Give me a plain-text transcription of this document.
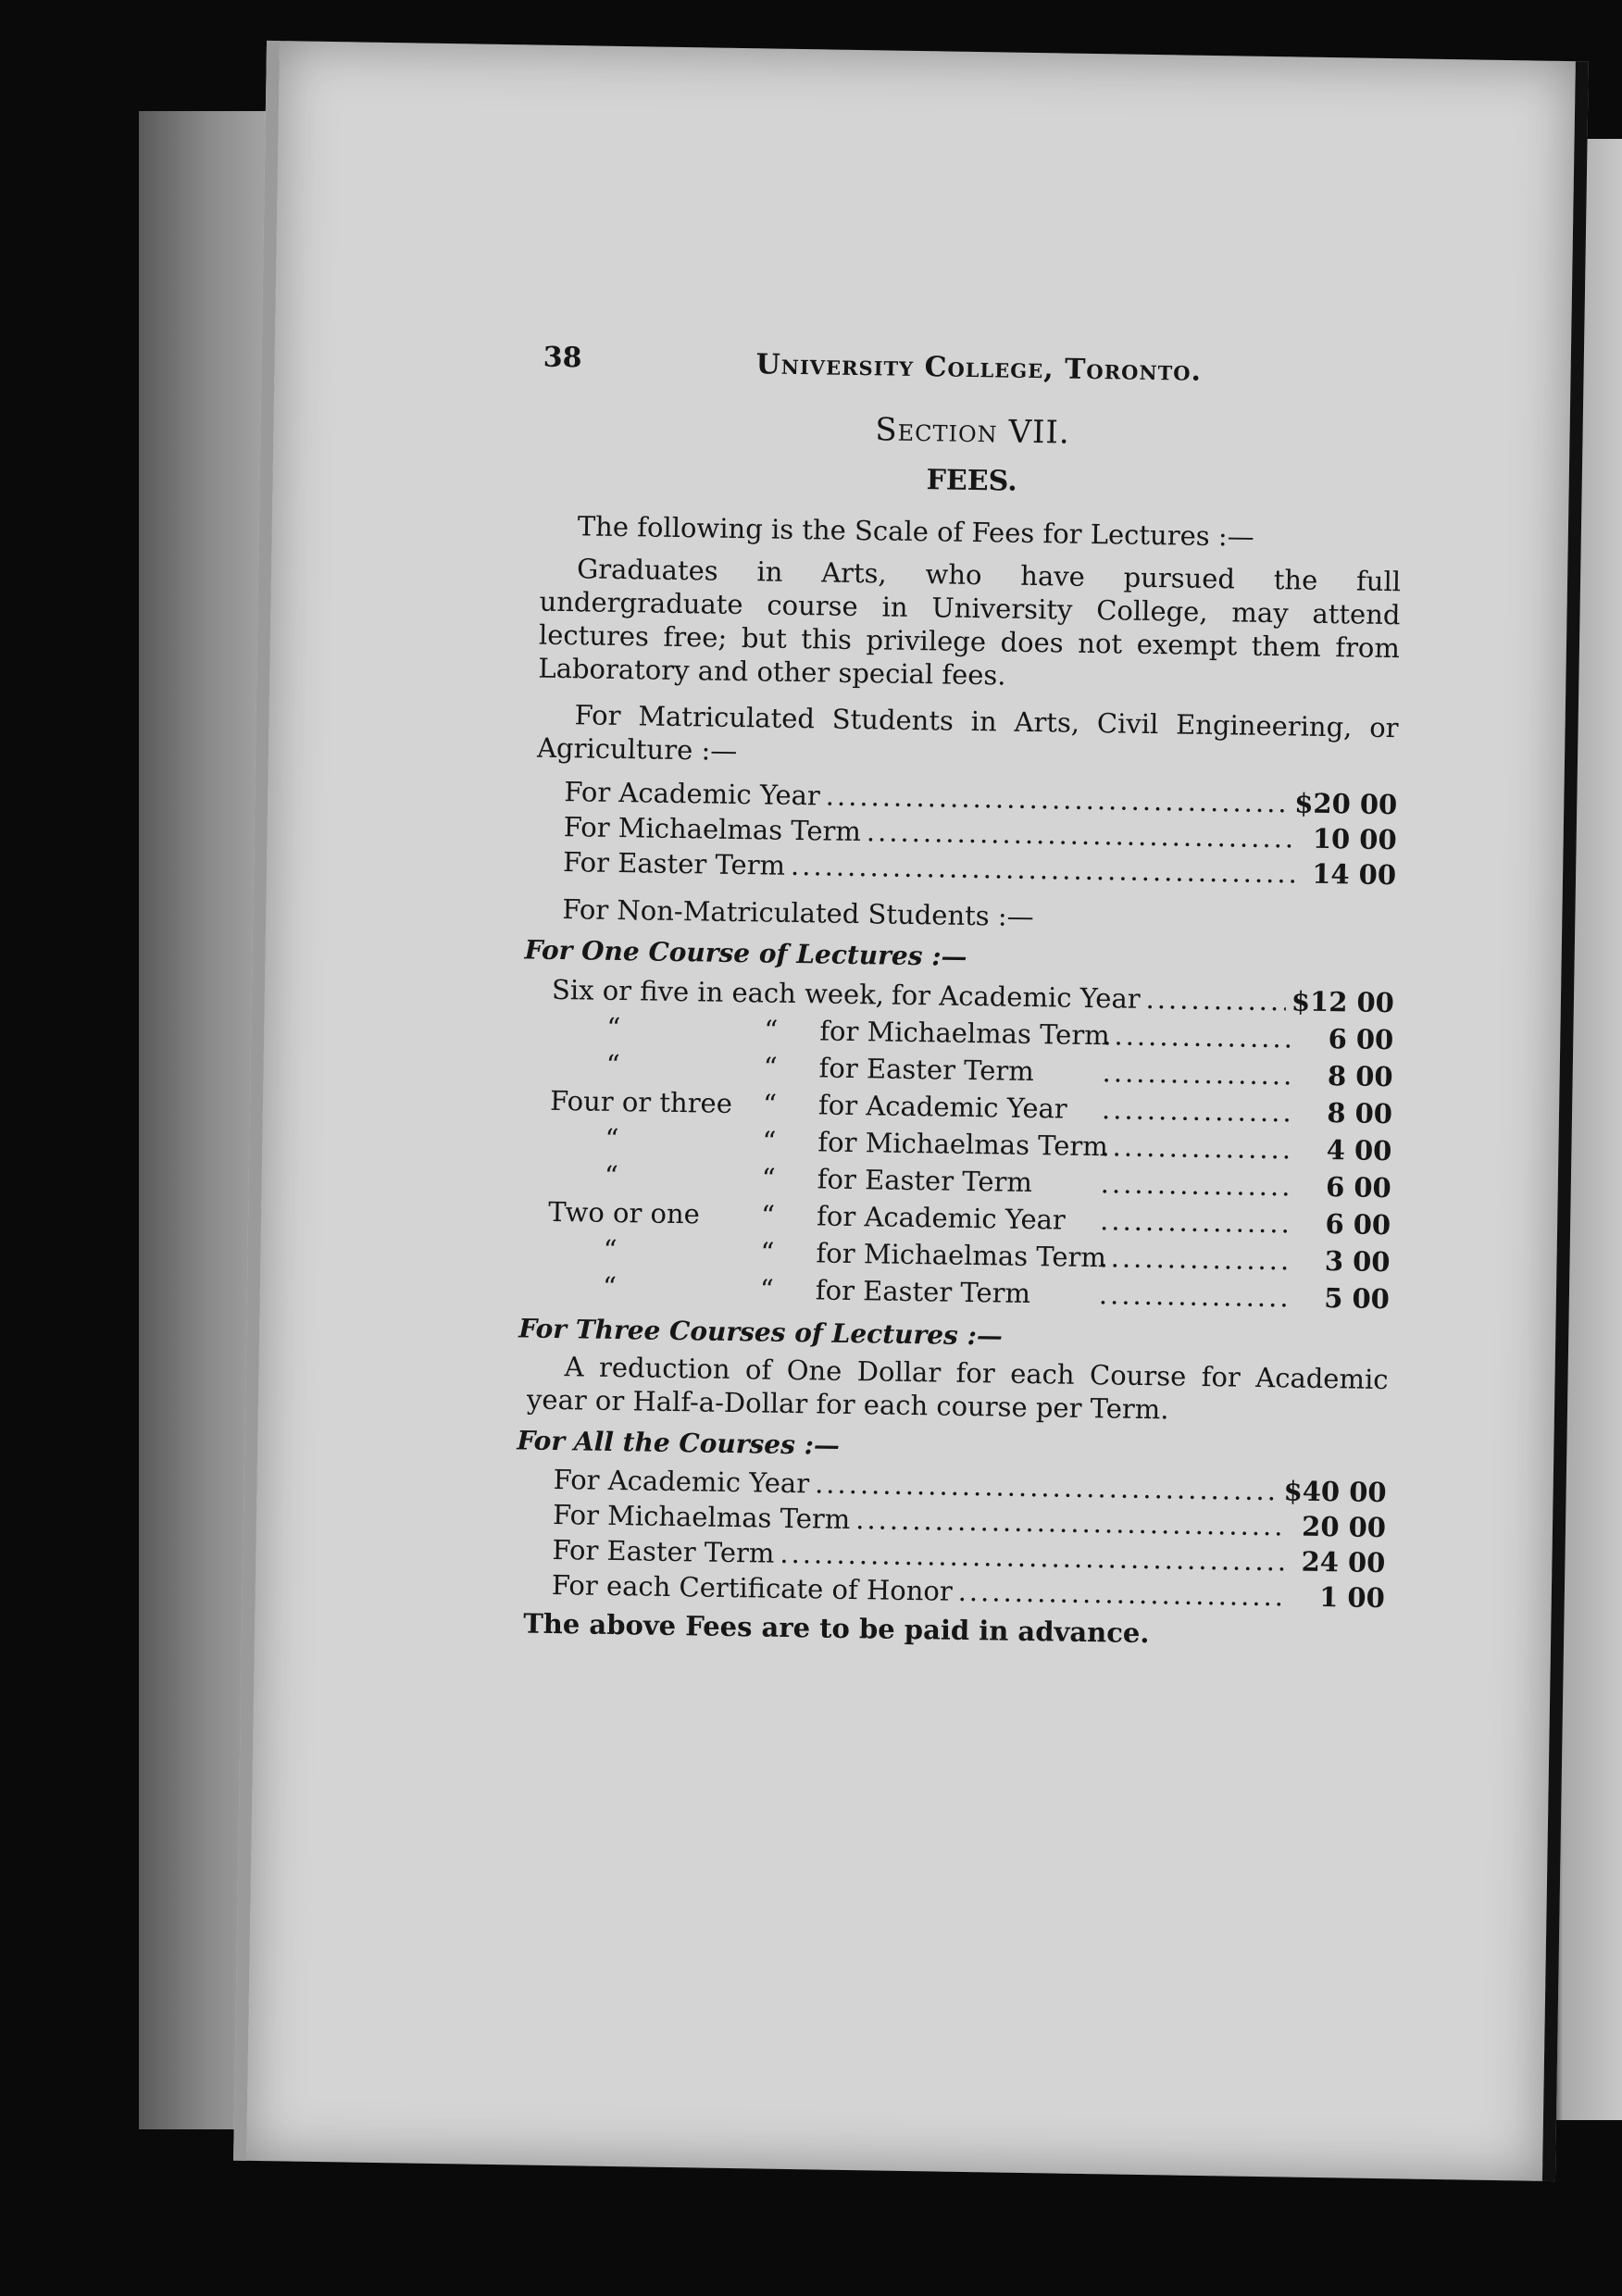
38	University College, Toronto.
Section VII.
FEES.

The following is the Scale of Fees for Lectures :—

Graduates in Arts, who have pursued the full undergraduate course in University College, may attend lectures free; but this privilege does not exempt them from Laboratory and other special fees.

For Matriculated Students in Arts, Civil Engineering, or Agriculture :—

For Academic Year .....	$20 00
For Michaelmas Term .....	10 00
For Easter Term .....	14 00

For Non-Matriculated Students :—

For One Course of Lectures :—
Six or five in each week, for Academic Year .....	$12 00
“	“	for Michaelmas Term .....	6 00
“	“	for Easter Term .....	8 00
Four or three	“	for Academic Year .....	8 00
“	“	for Michaelmas Term .....	4 00
“	“	for Easter Term .....	6 00
Two or one	“	for Academic Year .....	6 00
“	“	for Michaelmas Term .....	3 00
“	“	for Easter Term .....	5 00
For Three Courses of Lectures :—

A reduction of One Dollar for each Course for Academic year or Half-a-Dollar for each course per Term.

For All the Courses :—
For Academic Year .....	$40 00
For Michaelmas Term .....	20 00
For Easter Term .....	24 00
For each Certificate of Honor .....	1 00
The above Fees are to be paid in advance.
